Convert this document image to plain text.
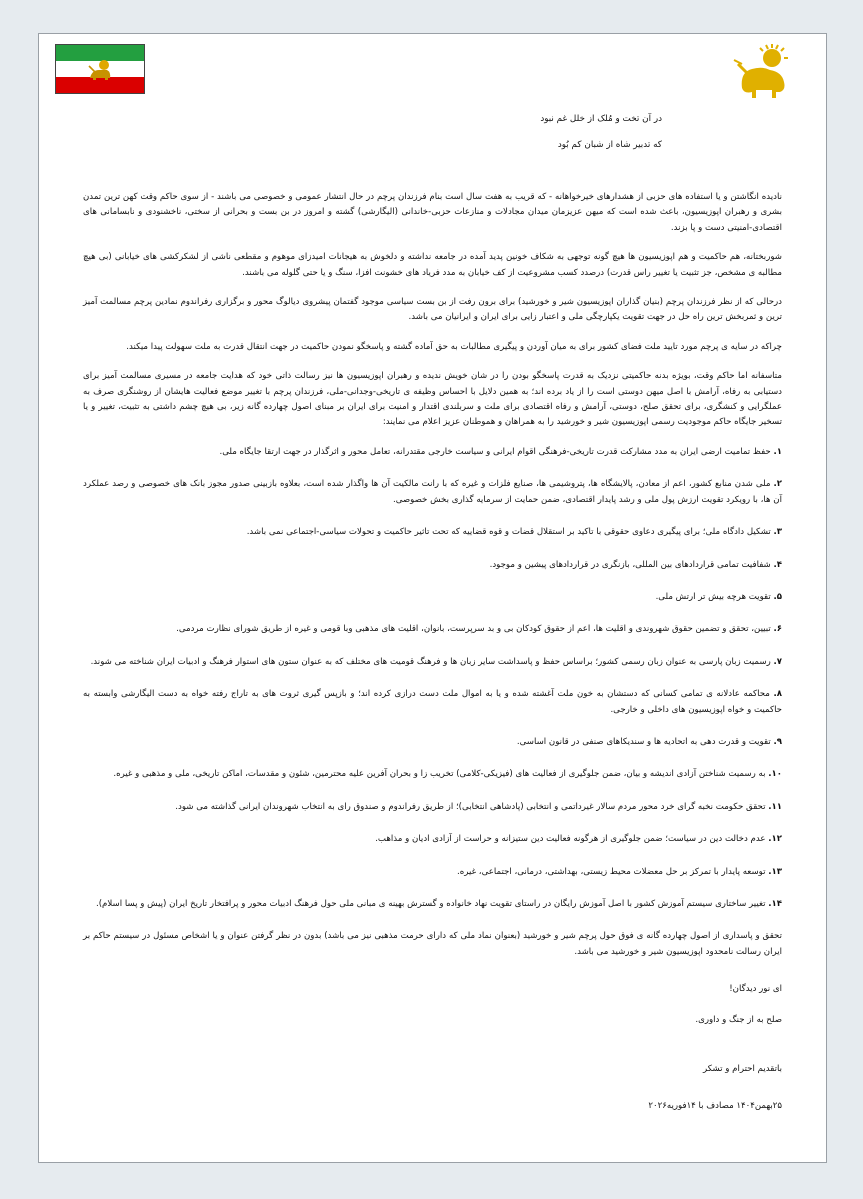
در آن تخت و مُلک از خلل غم نبود

که تدبیر شاه از شبان کم بُود

نادیده انگاشتن و یا استفاده های حزبی از هشدارهای خیرخواهانه - که قریب به هفت سال است بنام فرزندان پرچم در حال انتشار عمومی و خصوصی می باشند - از سوی حاکم وقت کهن ترین تمدن بشری و رهبران اپوزیسیون، باعث شده است که میهن عزیزمان میدان مجادلات و منازعات حزبی-خاندانی (الیگارشی) گشته و امروز در بن بست و بحرانی از سختی، ناخشنودی و نابسامانی های اقتصادی-امنیتی دست و پا بزند.

شوربختانه، هم حاکمیت و هم اپوزیسیون ها هیچ گونه توجهی به شکاف خونین پدید آمده در جامعه نداشته و دلخوش به هیجانات امیدزای موهوم و مقطعی ناشی از لشکرکشی های خیابانی (بی هیچ مطالبه ی مشخص، جز تثبیت یا تغییر راس قدرت) درصدد کسب مشروعیت از کف خیابان به مدد فریاد های خشونت افزا، سنگ و یا حتی گلوله می باشند.

درحالی که از نظر فرزندان پرچم (بنیان گذاران اپوزیسیون شیر و خورشید) برای برون رفت از بن بست سیاسی موجود گفتمان پیشروی دیالوگ محور و برگزاری رفراندوم نمادین پرچم مسالمت آمیز ترین و ثمربخش ترین راه حل در جهت تقویت یکپارچگی ملی و اعتبار زایی برای ایران و ایرانیان می باشد.

چراکه در سایه ی پرچم مورد تایید ملت فضای کشور برای به میان آوردن و پیگیری مطالبات به حق آماده گشته و پاسخگو نمودن حاکمیت در جهت انتقال قدرت به ملت سهولت پیدا میکند.

متاسفانه اما حاکم وقت، بویژه بدنه حاکمیتی نزدیک به قدرت پاسخگو بودن را در شان خویش ندیده و رهبران اپوزیسیون ها نیز رسالت ذاتی خود که هدایت جامعه در مسیری مسالمت آمیز برای دستیابی به رفاه، آرامش با اصل میهن دوستی است را از یاد برده اند؛ به همین دلایل با احساس وظیفه ی تاریخی-وجدانی-ملی، فرزندان پرچم با تغییر موضع فعالیت هایشان از روشنگری صرف به عملگرایی و کنشگری، برای تحقق صلح، دوستی، آرامش و رفاه اقتصادی برای ملت و سربلندی اقتدار و امنیت برای ایران بر مبنای اصول چهارده گانه زیر، بی هیچ چشم داشتی به تثبیت، تغییر و یا تسخیر جایگاه حاکم موجودیت رسمی اپوزیسیون شیر و خورشید را به همراهان و هموطنان عزیز اعلام می نمایند:

۱. حفظ تمامیت ارضی ایران به مدد مشارکت قدرت تاریخی-فرهنگی اقوام ایرانی و سیاست خارجی مقتدرانه، تعامل محور و اثرگذار در جهت ارتقا جایگاه ملی.

۲. ملی شدن منابع کشور، اعم از معادن، پالایشگاه ها، پتروشیمی ها، صنایع فلزات و غیره که با رانت مالکیت آن ها واگذار شده است، بعلاوه بازبینی صدور مجوز بانک های خصوصی و رصد عملکرد آن ها، با رویکرد تقویت ارزش پول ملی و رشد پایدار اقتصادی، ضمن حمایت از سرمایه گذاری بخش خصوصی.

۳. تشکیل دادگاه ملی؛ برای پیگیری دعاوی حقوقی با تاکید بر استقلال قضات و قوه قضاییه که تحت تاثیر حاکمیت و تحولات سیاسی-اجتماعی نمی باشد.

۴. شفافیت تمامی قراردادهای بین المللی، بازنگری در قراردادهای پیشین و موجود.

۵. تقویت هرچه بیش تر ارتش ملی.

۶. تبیین، تحقق و تضمین حقوق شهروندی و اقلیت ها، اعم از حقوق کودکان بی و بد سرپرست، بانوان، اقلیت های مذهبی وبا قومی و غیره از طریق شورای نظارت مردمی.

۷. رسمیت زبان پارسی به عنوان زبان رسمی کشور؛ براساس حفظ و پاسداشت سایر زبان ها و فرهنگ قومیت های مختلف که به عنوان ستون های استوار فرهنگ و ادبیات ایران شناخته می شوند.

۸. محاکمه عادلانه ی تمامی کسانی که دستشان به خون ملت آغشته شده و یا به اموال ملت دست درازی کرده اند؛ و بازپس گیری ثروت های به تاراج رفته خواه به دست الیگارشی وابسته به حاکمیت و خواه اپوزیسیون های داخلی و خارجی.

۹. تقویت و قدرت دهی به اتحادیه ها و سندیکاهای صنفی در قانون اساسی.

۱۰. به رسمیت شناختن آزادی اندیشه و بیان، ضمن جلوگیری از فعالیت های (فیزیکی-کلامی) تخریب زا و بحران آفرین علیه محترمین، شئون و مقدسات، اماکن تاریخی، ملی و مذهبی و غیره.

۱۱. تحقق حکومت نخبه گرای خرد محور مردم سالار غیرداتمی و انتخابی (پادشاهی انتخابی)؛ از طریق رفراندوم و صندوق رای به انتخاب شهروندان ایرانی گذاشته می شود.

۱۲. عدم دخالت دین در سیاست؛ ضمن جلوگیری از هرگونه فعالیت دین ستیزانه و حراست از آزادی ادیان و مذاهب.

۱۳. توسعه پایدار با تمرکز بر حل معضلات محیط زیستی، بهداشتی، درمانی، اجتماعی، غیره.

۱۴. تغییر ساختاری سیستم آموزش کشور با اصل آموزش رایگان در راستای تقویت نهاد خانواده و گسترش بهینه ی مبانی ملی حول فرهنگ ادبیات محور و پرافتخار تاریخ ایران (پیش و پسا اسلام).

تحقق و پاسداری از اصول چهارده گانه ی فوق حول پرچم شیر و خورشید (بعنوان نماد ملی که دارای حرمت مذهبی نیز می باشد) بدون در نظر گرفتن عنوان و یا اشخاص مسئول در سیستم حاکم بر ایران رسالت نامحدود اپوزیسیون شیر و خورشید می باشد.

ای نور دیدگان!

صلح به از جنگ و داوری.

باتقدیم احترام و تشکر

۲۵بهمن۱۴۰۴ مصادف با ۱۴فوریه۲۰۲۶
